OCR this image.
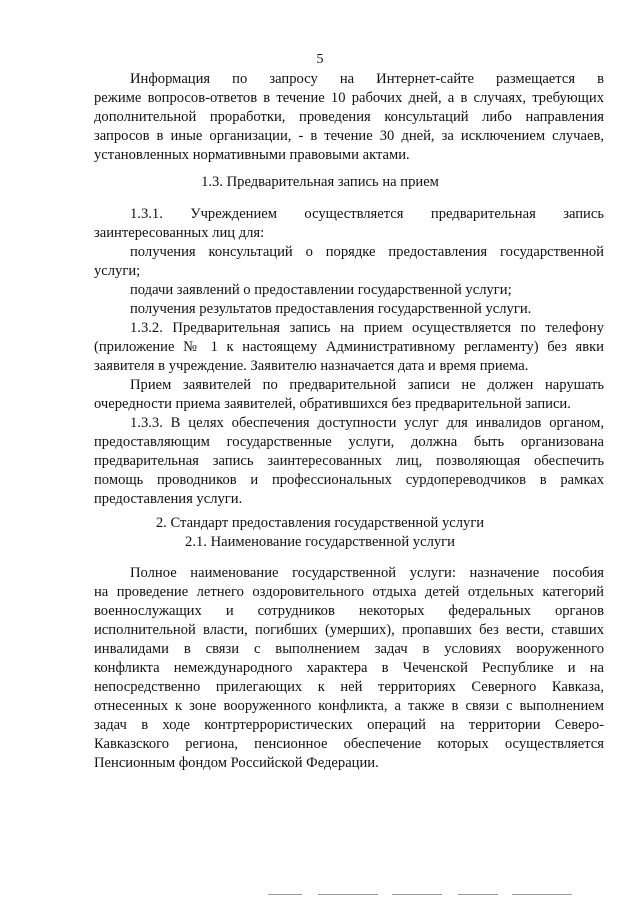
5
Информация по запросу на Интернет-сайте размещается в
режиме вопросов-ответов в течение 10 рабочих дней, а в случаях, требующих
дополнительной проработки, проведения консультаций либо направления
запросов в иные организации, - в течение 30 дней, за исключением случаев,
установленных нормативными правовыми актами.
1.3. Предварительная запись на прием
1.3.1. Учреждением осуществляется предварительная запись
заинтересованных лиц для:
получения консультаций о порядке предоставления государственной
услуги;
подачи заявлений о предоставлении государственной услуги;
получения результатов предоставления государственной услуги.
1.3.2. Предварительная запись на прием осуществляется по телефону
(приложение № 1 к настоящему Административному регламенту) без явки
заявителя в учреждение. Заявителю назначается дата и время приема.
Прием заявителей по предварительной записи не должен нарушать
очередности приема заявителей, обратившихся без предварительной записи.
1.3.3. В целях обеспечения доступности услуг для инвалидов органом,
предоставляющим государственные услуги, должна быть организована
предварительная запись заинтересованных лиц, позволяющая обеспечить
помощь проводников и профессиональных сурдопереводчиков в рамках
предоставления услуги.
2. Стандарт предоставления государственной услуги
2.1. Наименование государственной услуги
Полное наименование государственной услуги: назначение пособия
на проведение летнего оздоровительного отдыха детей отдельных категорий
военнослужащих и сотрудников некоторых федеральных органов
исполнительной власти, погибших (умерших), пропавших без вести, ставших
инвалидами в связи с выполнением задач в условиях вооруженного
конфликта немеждународного характера в Чеченской Республике и на
непосредственно прилегающих к ней территориях Северного Кавказа,
отнесенных к зоне вооруженного конфликта, а также в связи с выполнением
задач в ходе контртеррористических операций на территории Северо-
Кавказского региона, пенсионное обеспечение которых осуществляется
Пенсионным фондом Российской Федерации.
